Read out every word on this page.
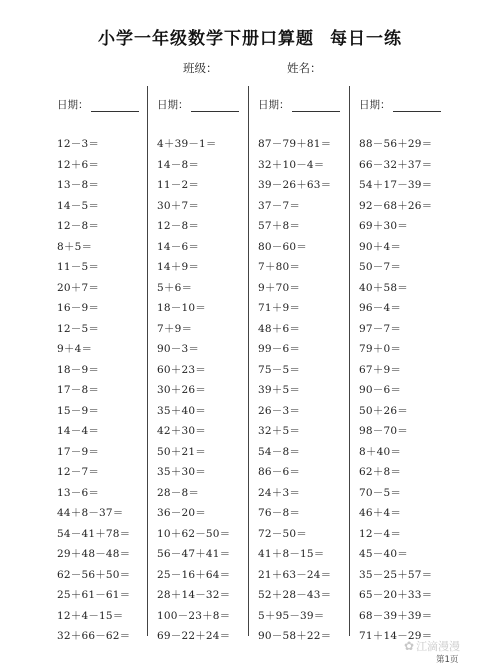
小学一年级数学下册口算题 每日一练
班级：	姓名：
日期：
12－3＝
12＋6＝
13－8＝
14－5＝
12－8＝
8＋5＝
11－5＝
20＋7＝
16－9＝
12－5＝
9＋4＝
18－9＝
17－8＝
15－9＝
14－4＝
17－9＝
12－7＝
13－6＝
44＋8－37＝
54－41＋78＝
29＋48－48＝
62－56＋50＝
25＋61－61＝
12＋4－15＝
32＋66－62＝
日期：
4＋39－1＝
14－8＝
11－2＝
30＋7＝
12－8＝
14－6＝
14＋9＝
5＋6＝
18－10＝
7＋9＝
90－3＝
60＋23＝
30＋26＝
35＋40＝
42＋30＝
50＋21＝
35＋30＝
28－8＝
36－20＝
10＋62－50＝
56－47＋41＝
25－16＋64＝
28＋14－32＝
100－23＋8＝
69－22＋24＝
日期：
87－79＋81＝
32＋10－4＝
39－26＋63＝
37－7＝
57＋8＝
80－60＝
7＋80＝
9＋70＝
71＋9＝
48＋6＝
99－6＝
75－5＝
39＋5＝
26－3＝
32＋5＝
54－8＝
86－6＝
24＋3＝
76－8＝
72－50＝
41＋8－15＝
21＋63－24＝
52＋28－43＝
5＋95－39＝
90－58＋22＝
日期：
88－56＋29＝
66－32＋37＝
54＋17－39＝
92－68＋26＝
69＋30＝
90＋4＝
50－7＝
40＋58＝
96－4＝
97－7＝
79＋0＝
67＋9＝
90－6＝
50＋26＝
98－70＝
8＋40＝
62＋8＝
70－5＝
46＋4＝
12－4＝
45－40＝
35－25＋57＝
65－20＋33＝
68－39＋39＝
71＋14－29＝
✿ 江滴漫漫
第1页
